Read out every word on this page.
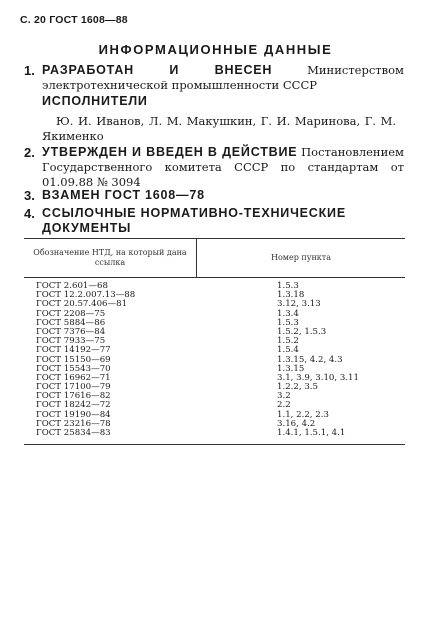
С. 20 ГОСТ 1608—88
ИНФОРМАЦИОННЫЕ ДАННЫЕ
1. РАЗРАБОТАН И ВНЕСЕН	Министерством электротехнической промышленности СССР
ИСПОЛНИТЕЛИ
Ю. И. Иванов, Л. М. Макушкин, Г. И. Маринова, Г. М. Якименко
2. УТВЕРЖДЕН И ВВЕДЕН В ДЕЙСТВИЕ Постановлением Государственного комитета СССР по стандартам от 01.09.88 № 3094
3. ВЗАМЕН ГОСТ 1608—78
4. ССЫЛОЧНЫЕ НОРМАТИВНО-ТЕХНИЧЕСКИЕ ДОКУМЕНТЫ
Обозначение НТД, на который дана ссылка
Номер пункта
ГОСТ 2.601—68	1.5.3
ГОСТ 12.2.007.13—88	1.3.18
ГОСТ 20.57.406—81	3.12, 3.13
ГОСТ 2208—75	1.3.4
ГОСТ 5884—86	1.5.3
ГОСТ 7376—84	1.5.2, 1.5.3
ГОСТ 7933—75	1.5.2
ГОСТ 14192—77	1.5.4
ГОСТ 15150—69	1.3.15, 4.2, 4.3
ГОСТ 15543—70	1.3.15
ГОСТ 16962—71	3.1, 3.9, 3.10, 3.11
ГОСТ 17100—79	1.2.2, 3.5
ГОСТ 17616—82	3.2
ГОСТ 18242—72	2.2
ГОСТ 19190—84	1.1, 2.2, 2.3
ГОСТ 23216—78	3.16, 4.2
ГОСТ 25834—83	1.4.1, 1.5.1, 4.1
